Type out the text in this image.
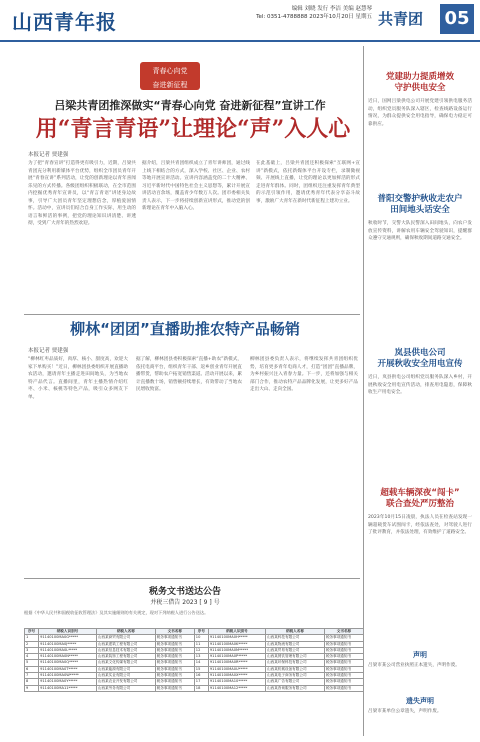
山西青年报
编辑 刘晓 发行 李洁 美编 赵慧琴
Tel: 0351-4788888 2023年10月20日 星期五 共青团 05
青春心向党
奋进新征程
吕梁共青团推深做实“青春心向党 奋进新征程”宣讲工作
用“青言青语”让理论“声”入人心
本报记者 贾建强
为了把“青春宣讲”打造得更有吸引力，近期，吕梁共青团充分利用新媒体平台优势，组织全市团员青年开展“青春宣讲”系列活动，让党的创新理论以青年喜闻乐见的方式传播。各级团组织积极联动，在全市范围内挖掘优秀青年宣讲员，以“青言青语”讲述身边故事，引导广大团员青年坚定理想信念，厚植爱国情怀。活动中，宣讲员们结合自身工作实际，用生动的语言和鲜活的事例，把党的理论知识讲清楚、讲透彻，受到广大青年的热烈欢迎。
据介绍，吕梁共青团组织成立了青年讲师团，通过线上线下相结合的方式，深入学校、社区、企业、农村等地开展宣讲活动。宣讲内容涵盖党的二十大精神、习近平新时代中国特色社会主义思想等，累计开展宣讲活动百余场，覆盖青少年数万人次。团市委相关负责人表示，下一步将持续创新宣讲形式，推动党的创新理论在青年中入脑入心。
在此基础上，吕梁共青团还积极探索“互联网+宣讲”新模式，依托新媒体平台开设专栏，录制微视频、开展线上直播，让党的理论以更加鲜活的形式走进青年群体。同时，团组织还注重发挥青年典型的示范引领作用，邀请优秀青年代表分享奋斗故事，激励广大青年在新时代新征程上建功立业。
柳林“团团”直播助推农特产品畅销
本报记者 贾建强
“柳林红枣品质好，肉厚、核小、甜度高，欢迎大家下单购买！”近日，柳林团县委组织开展直播助农活动，邀请青年主播走进田间地头，为当地农特产品代言。直播间里，青年主播热情介绍红枣、小米、核桃等特色产品，吸引众多网友下单。
据了解，柳林团县委积极探索“直播+助农”新模式，依托电商平台，组织青年干部、返乡创业青年开展直播带货，帮助农户拓宽销售渠道。活动开展以来，累计直播数十场，销售额持续增长，有效带动了当地农民增收致富。
柳林团县委负责人表示，将继续发挥共青团组织优势，培育更多青年电商人才，打造“团团”直播品牌，为乡村振兴注入青春力量。下一步，还将加强与相关部门合作，推动农特产品品牌化发展，让更多好产品走出大山、走向全国。
党建助力提质增效
守护供电安全
近日，国网吕梁供电公司开展党建引领供电服务活动，组织党员服务队深入辖区，检查线路设备运行情况，为群众提供安全用电指导，确保电力稳定可靠供应。
普阳交警护秋收走农户
田间地头话安全
秋收时节，交警大队民警深入田间地头，向农户发放宣传资料，讲解农用车辆安全驾驶知识，提醒群众遵守交通规则，确保秋收期间道路交通安全。
岚县供电公司
开展秋收安全用电宣传
近日，岚县供电公司组织党员服务队深入乡村，开展秋收安全用电宣传活动，排查用电隐患，保障秋收生产用电安全。
超载车辆深夜“闯卡”
联合查处严厉整治
2023年10月15日凌晨，执法人员在检查站发现一辆超载货车试图闯卡，经依法查处，对驾驶人进行了批评教育，并依法处理，有效维护了道路安全。
声明
吕梁市某公司营业执照正本遗失，声明作废。
遗失声明
吕梁市某单位公章遗失，声明作废。
税务文书送达公告
并税三借告 2023 [ 9 ] 号
根据《中华人民共和国税收征收管理法》及其实施细则的有关规定，现对下列纳税人进行公告送达。
序号	纳税人识别号	纳税人名称	文书名称	序号	纳税人识别号	纳税人名称	文书名称
1	91140100MA0G*****	山西某商贸有限公司	税务事项通知书	10	91140100MA0H*****	山西某科技有限公司	税务事项通知书
2	91140100MA0J*****	山西某建筑工程有限公司	税务事项通知书	11	91140100MA0K*****	山西某物流有限公司	税务事项通知书
3	91140100MA0L*****	山西某信息技术有限公司	税务事项通知书	12	91140100MA0M*****	山西某贸易有限公司	税务事项通知书
4	91140100MA0N*****	山西某装饰工程有限公司	税务事项通知书	13	91140100MA0P*****	山西某餐饮管理有限公司	税务事项通知书
5	91140100MA0Q*****	山西某文化传媒有限公司	税务事项通知书	14	91140100MA0R*****	山西某环保科技有限公司	税务事项通知书
6	91140100MA0T*****	山西某能源有限公司	税务事项通知书	15	91140100MA0U*****	山西某机械设备有限公司	税务事项通知书
7	91140100MA0W*****	山西某实业有限公司	税务事项通知书	16	91140100MA0X*****	山西某电子商务有限公司	税务事项通知书
8	91140100MA0Y*****	山西某农业开发有限公司	税务事项通知书	17	91140100MA10*****	山西某广告有限公司	税务事项通知书
9	91140100MA11*****	山西某劳务有限公司	税务事项通知书	18	91140100MA12*****	山西某咨询服务有限公司	税务事项通知书
